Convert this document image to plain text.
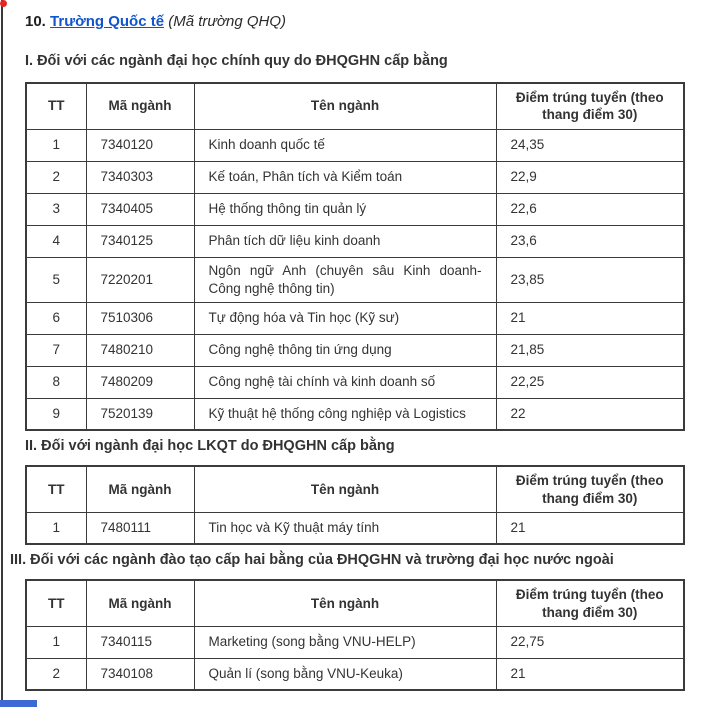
10. Trường Quốc tế (Mã trường QHQ)
I. Đối với các ngành đại học chính quy do ĐHQGHN cấp bằng
TT	Mã ngành	Tên ngành	Điểm trúng tuyển (theo thang điểm 30)
1	7340120	Kinh doanh quốc tế	24,35
2	7340303	Kế toán, Phân tích và Kiểm toán	22,9
3	7340405	Hệ thống thông tin quản lý	22,6
4	7340125	Phân tích dữ liệu kinh doanh	23,6
5	7220201	Ngôn ngữ Anh (chuyên sâu Kinh doanh-Công nghệ thông tin)	23,85
6	7510306	Tự động hóa và Tin học (Kỹ sư)	21
7	7480210	Công nghệ thông tin ứng dụng	21,85
8	7480209	Công nghệ tài chính và kinh doanh số	22,25
9	7520139	Kỹ thuật hệ thống công nghiệp và Logistics	22
II. Đối với ngành đại học LKQT do ĐHQGHN cấp bằng
TT	Mã ngành	Tên ngành	Điểm trúng tuyển (theo thang điểm 30)
1	7480111	Tin học và Kỹ thuật máy tính	21
III. Đối với các ngành đào tạo cấp hai bằng của ĐHQGHN và trường đại học nước ngoài
TT	Mã ngành	Tên ngành	Điểm trúng tuyển (theo thang điểm 30)
1	7340115	Marketing (song bằng VNU-HELP)	22,75
2	7340108	Quản lí (song bằng VNU-Keuka)	21
